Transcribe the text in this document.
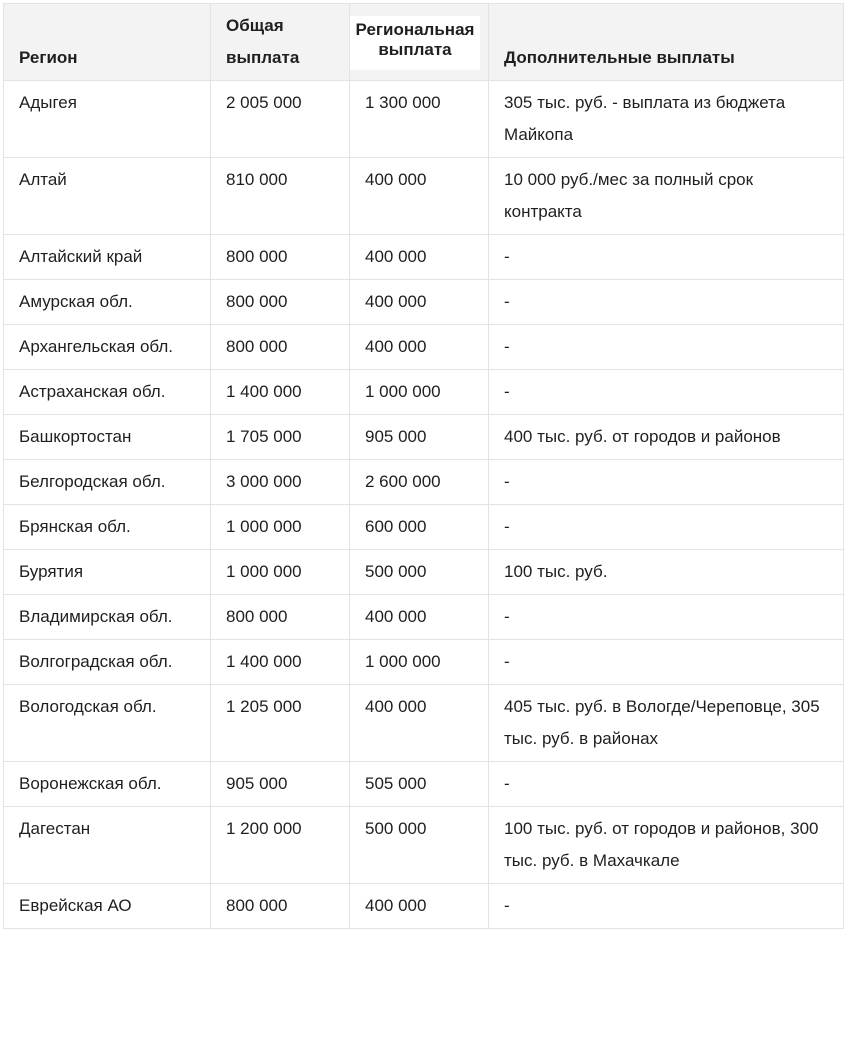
Регион	Общая выплата	Региональная выплата	Дополнительные выплаты
Адыгея	2 005 000	1 300 000	305 тыс. руб. - выплата из бюджета Майкопа
Алтай	810 000	400 000	10 000 руб./мес за полный срок контракта
Алтайский край	800 000	400 000	-
Амурская обл.	800 000	400 000	-
Архангельская обл.	800 000	400 000	-
Астраханская обл.	1 400 000	1 000 000	-
Башкортостан	1 705 000	905 000	400 тыс. руб. от городов и районов
Белгородская обл.	3 000 000	2 600 000	-
Брянская обл.	1 000 000	600 000	-
Бурятия	1 000 000	500 000	100 тыс. руб.
Владимирская обл.	800 000	400 000	-
Волгоградская обл.	1 400 000	1 000 000	-
Вологодская обл.	1 205 000	400 000	405 тыс. руб. в Вологде/Череповце, 305 тыс. руб. в районах
Воронежская обл.	905 000	505 000	-
Дагестан	1 200 000	500 000	100 тыс. руб. от городов и районов, 300 тыс. руб. в Махачкале
Еврейская АО	800 000	400 000	-
